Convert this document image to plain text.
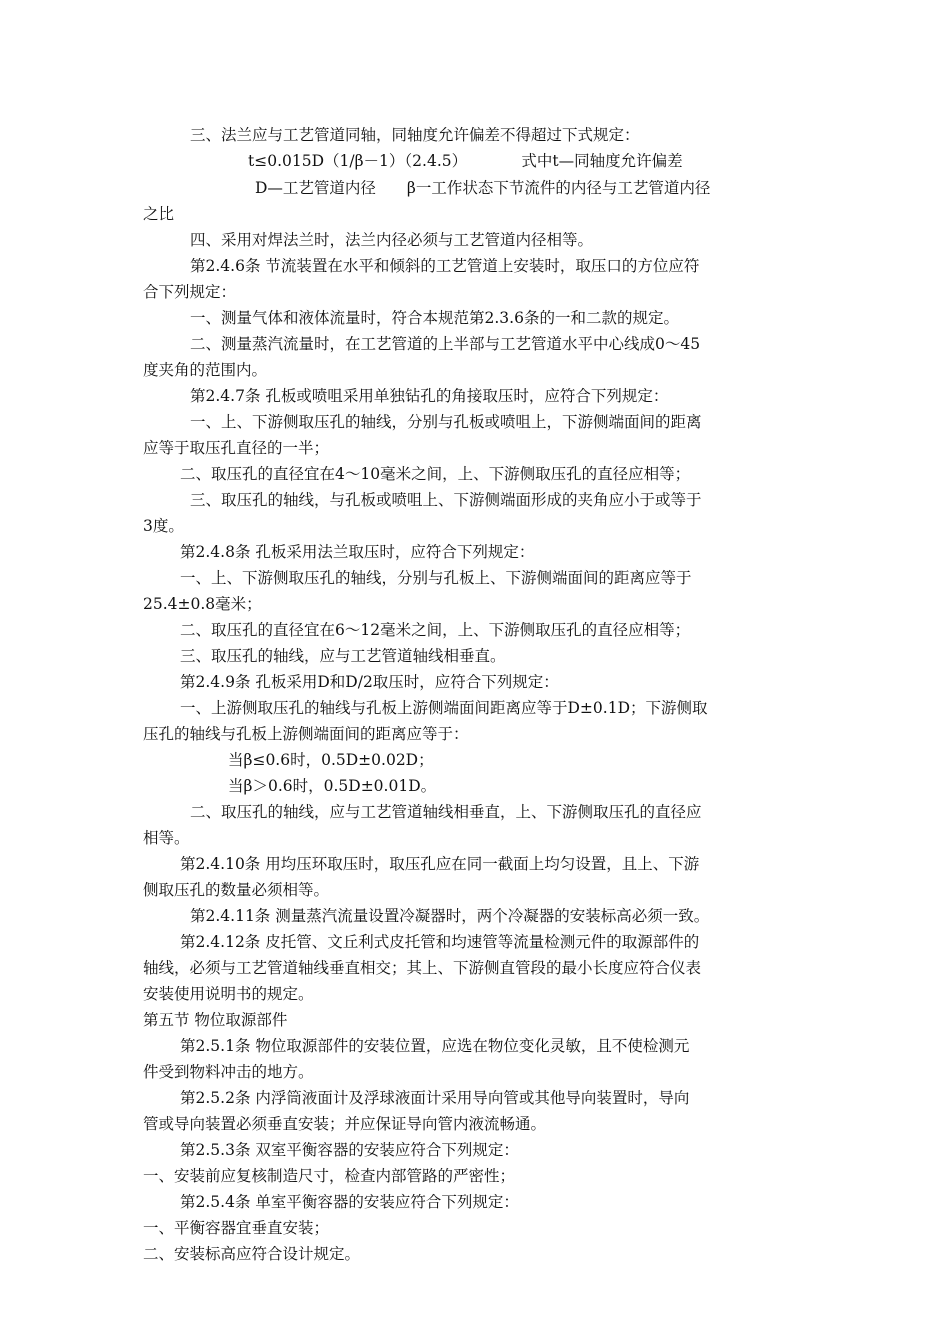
三、法兰应与工艺管道同轴，同轴度允许偏差不得超过下式规定：

t≤0.015D（1/β－1）（2.4.5）　　　　式中t—同轴度允许偏差

D—工艺管道内径　　β一工作状态下节流件的内径与工艺管道内径

之比

四、采用对焊法兰时，法兰内径必须与工艺管道内径相等。

第2.4.6条 节流装置在水平和倾斜的工艺管道上安装时，取压口的方位应符

合下列规定：

一、测量气体和液体流量时，符合本规范第2.3.6条的一和二款的规定。

二、测量蒸汽流量时，在工艺管道的上半部与工艺管道水平中心线成0～45

度夹角的范围内。

第2.4.7条 孔板或喷咀采用单独钻孔的角接取压时，应符合下列规定：

一、上、下游侧取压孔的轴线，分别与孔板或喷咀上，下游侧端面间的距离

应等于取压孔直径的一半；

二、取压孔的直径宜在4～10毫米之间，上、下游侧取压孔的直径应相等；

三、取压孔的轴线，与孔板或喷咀上、下游侧端面形成的夹角应小于或等于

3度。

第2.4.8条 孔板采用法兰取压时，应符合下列规定：

一、上、下游侧取压孔的轴线，分别与孔板上、下游侧端面间的距离应等于

25.4±0.8毫米；

二、取压孔的直径宜在6～12毫米之间，上、下游侧取压孔的直径应相等；

三、取压孔的轴线，应与工艺管道轴线相垂直。

第2.4.9条 孔板采用D和D/2取压时，应符合下列规定：

一、上游侧取压孔的轴线与孔板上游侧端面间距离应等于D±0.1D；下游侧取

压孔的轴线与孔板上游侧端面间的距离应等于：

当β≤0.6时，0.5D±0.02D；

当β＞0.6时，0.5D±0.01D。

二、取压孔的轴线，应与工艺管道轴线相垂直，上、下游侧取压孔的直径应

相等。

第2.4.10条 用均压环取压时，取压孔应在同一截面上均匀设置，且上、下游

侧取压孔的数量必须相等。

第2.4.11条 测量蒸汽流量设置冷凝器时，两个冷凝器的安装标高必须一致。

第2.4.12条 皮托管、文丘利式皮托管和均速管等流量检测元件的取源部件的

轴线，必须与工艺管道轴线垂直相交；其上、下游侧直管段的最小长度应符合仪表

安装使用说明书的规定。

第五节 物位取源部件

第2.5.1条 物位取源部件的安装位置，应选在物位变化灵敏，且不使检测元

件受到物料冲击的地方。

第2.5.2条 内浮筒液面计及浮球液面计采用导向管或其他导向装置时，导向

管或导向装置必须垂直安装；并应保证导向管内液流畅通。

第2.5.3条 双室平衡容器的安装应符合下列规定：

一、安装前应复核制造尺寸，检查内部管路的严密性；

第2.5.4条 单室平衡容器的安装应符合下列规定：

一、平衡容器宜垂直安装；

二、安装标高应符合设计规定。
